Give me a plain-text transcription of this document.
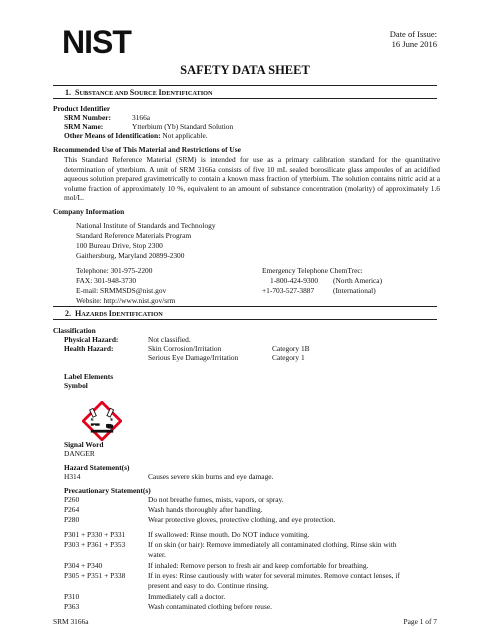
NIST	Date of Issue:
16 June 2016
SAFETY DATA SHEET
1. SUBSTANCE AND SOURCE IDENTIFICATION
Product Identifier
SRM Number:	3166a
SRM Name:	Ytterbium (Yb) Standard Solution
Other Means of Identification: Not applicable.
Recommended Use of This Material and Restrictions of Use
This Standard Reference Material (SRM) is intended for use as a primary calibration standard for the quantitative determination of ytterbium. A unit of SRM 3166a consists of five 10 mL sealed borosilicate glass ampoules of an acidified aqueous solution prepared gravimetrically to contain a known mass fraction of ytterbium. The solution contains nitric acid at a volume fraction of approximately 10 %, equivalent to an amount of substance concentration (molarity) of approximately 1.6 mol/L.
Company Information
National Institute of Standards and Technology
Standard Reference Materials Program
100 Bureau Drive, Stop 2300
Gaithersburg, Maryland 20899-2300
Telephone: 301-975-2200
FAX: 301-948-3730
E-mail: SRMMSDS@nist.gov
Website: http://www.nist.gov/srm
Emergency Telephone ChemTrec:
1-800-424-9300 (North America)
+1-703-527-3887	(International)
2. HAZARDS IDENTIFICATION
Classification
Physical Hazard:	Not classified.
Health Hazard:	Skin Corrosion/Irritation	Category 1B
Serious Eye Damage/Irritation	Category 1
Label Elements
Symbol
Signal Word
DANGER
Hazard Statement(s)
H314	Causes severe skin burns and eye damage.
Precautionary Statement(s)
P260	Do not breathe fumes, mists, vapors, or spray.
P264	Wash hands thoroughly after handling.
P280	Wear protective gloves, protective clothing, and eye protection.
P301 + P330 + P331	If swallowed: Rinse mouth. Do NOT induce vomiting.
P303 + P361 + P353	If on skin (or hair): Remove immediately all contaminated clothing. Rinse skin with
water.
P304 + P340	If inhaled: Remove person to fresh air and keep comfortable for breathing.
P305 + P351 + P338	If in eyes: Rinse cautiously with water for several minutes. Remove contact lenses, if
present and easy to do. Continue rinsing.
P310	Immediately call a doctor.
P363	Wash contaminated clothing before reuse.
SRM 3166a	Page 1 of 7
